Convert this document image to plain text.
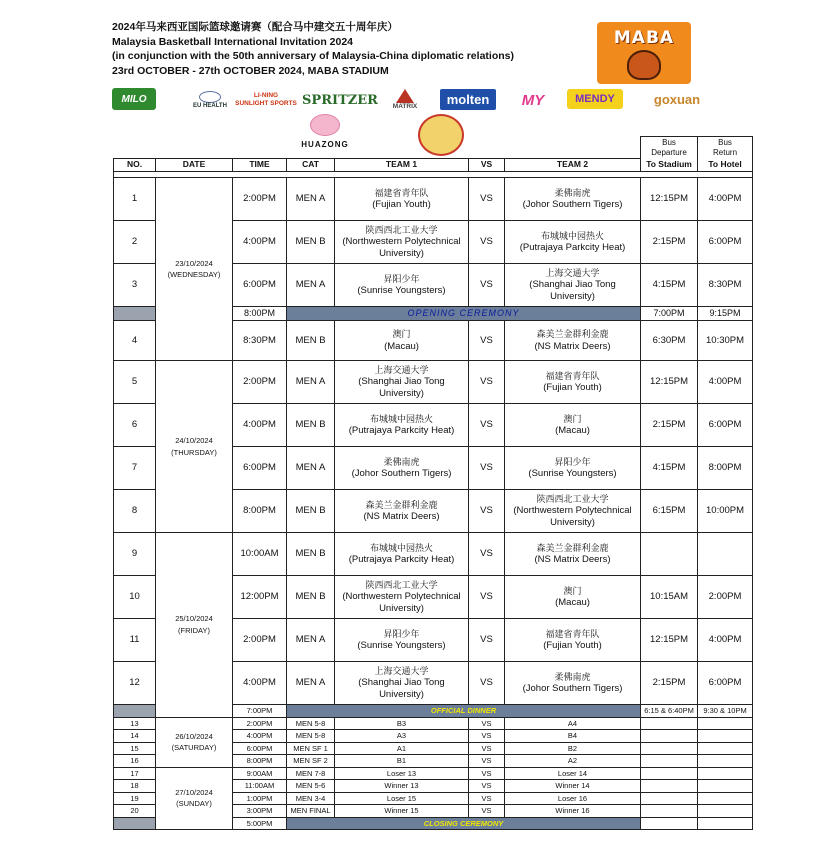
2024年马来西亚国际篮球邀请赛（配合马中建交五十周年庆）
Malaysia Basketball International Invitation 2024
(in conjunction with the 50th anniversary of Malaysia-China diplomatic relations)
23rd OCTOBER - 27th OCTOBER 2024, MABA STADIUM
MABA
MILO
EU HEALTH
LI-NING
SUNLIGHT SPORTS SPRITZER MATRIX	molten	MY	MENDY	goxuan
HUAZONG
							Bus
Departure	Bus
Return
NO.	DATE	TIME	CAT	TEAM 1	VS	TEAM 2	To Stadium	To Hotel

1	23/10/2024
(WEDNESDAY)	2:00PM	MEN A	福建省青年队
(Fujian Youth)	VS	柔佛南虎
(Johor Southern Tigers)	12:15PM	4:00PM
2		4:00PM	MEN B	陕西西北工业大学
(Northwestern Polytechnical University)	VS	布城城中园热火
(Putrajaya Parkcity Heat)	2:15PM	6:00PM
3		6:00PM	MEN A	昇阳少年
(Sunrise Youngsters)	VS	上海交通大学
(Shanghai Jiao Tong University)	4:15PM	8:30PM
		8:00PM	OPENING CEREMONY				7:00PM	9:15PM
4		8:30PM	MEN B	澳门
(Macau)	VS	森美兰金群利金鹿
(NS Matrix Deers)	6:30PM	10:30PM
5	24/10/2024
(THURSDAY)	2:00PM	MEN A	上海交通大学
(Shanghai Jiao Tong University)	VS	福建省青年队
(Fujian Youth)	12:15PM	4:00PM
6		4:00PM	MEN B	布城城中园热火
(Putrajaya Parkcity Heat)	VS	澳门
(Macau)	2:15PM	6:00PM
7		6:00PM	MEN A	柔佛南虎
(Johor Southern Tigers)	VS	昇阳少年
(Sunrise Youngsters)	4:15PM	8:00PM
8		8:00PM	MEN B	森美兰金群利金鹿
(NS Matrix Deers)	VS	陕西西北工业大学
(Northwestern Polytechnical University)	6:15PM	10:00PM
9	25/10/2024
(FRIDAY)	10:00AM	MEN B	布城城中园热火
(Putrajaya Parkcity Heat)	VS	森美兰金群利金鹿
(NS Matrix Deers)		
10		12:00PM	MEN B	陕西西北工业大学
(Northwestern Polytechnical University)	VS	澳门
(Macau)	10:15AM	2:00PM
11		2:00PM	MEN A	昇阳少年
(Sunrise Youngsters)	VS	福建省青年队
(Fujian Youth)	12:15PM	4:00PM
12		4:00PM	MEN A	上海交通大学
(Shanghai Jiao Tong University)	VS	柔佛南虎
(Johor Southern Tigers)	2:15PM	6:00PM
		7:00PM	OFFICIAL DINNER				6:15 & 6:40PM	9:30 & 10PM
13	26/10/2024
(SATURDAY)	2:00PM	MEN 5-8	B3	VS	A4		
14		4:00PM	MEN 5-8	A3	VS	B4		
15		6:00PM	MEN SF 1	A1	VS	B2		
16		8:00PM	MEN SF 2	B1	VS	A2		
17	27/10/2024
(SUNDAY)	9:00AM	MEN 7-8	Loser 13	VS	Loser 14		
18		11:00AM	MEN 5-6	Winner 13	VS	Winner 14		
19		1:00PM	MEN 3-4	Loser 15	VS	Loser 16		
20		3:00PM	MEN FINAL	Winner 15	VS	Winner 16		
		5:00PM	CLOSING CEREMONY					
